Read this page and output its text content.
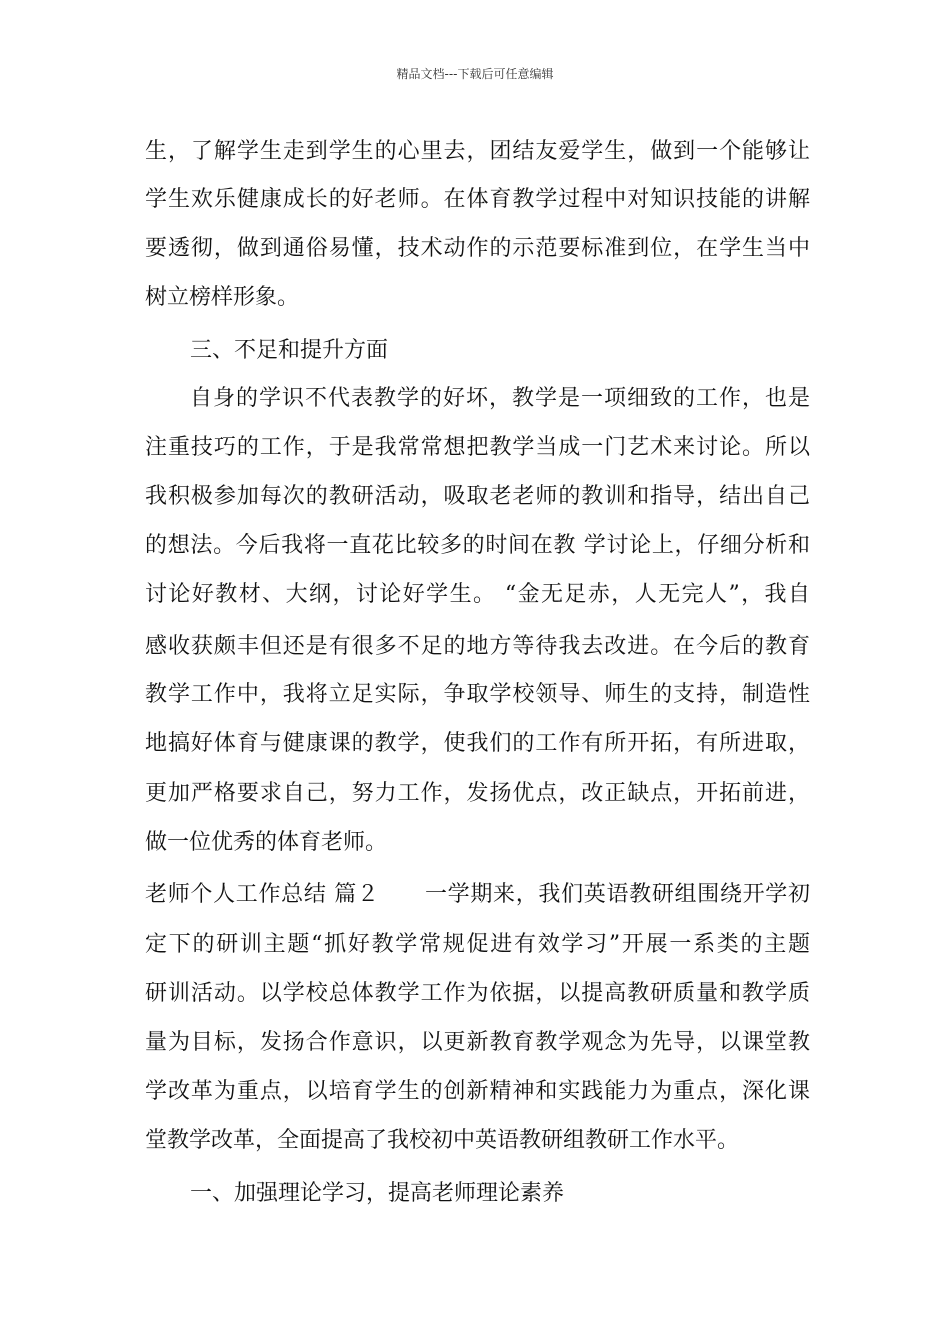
精品文档---下载后可任意编辑
生，了解学生走到学生的心里去，团结友爱学生，做到一个能够让
学生欢乐健康成长的好老师。在体育教学过程中对知识技能的讲解
要透彻，做到通俗易懂，技术动作的示范要标准到位，在学生当中
树立榜样形象。
三、不足和提升方面
自身的学识不代表教学的好坏，教学是一项细致的工作，也是
注重技巧的工作，于是我常常想把教学当成一门艺术来讨论。所以
我积极参加每次的教研活动，吸取老老师的教训和指导，结出自己
的想法。今后我将一直花比较多的时间在教 学讨论上，仔细分析和
讨论好教材、大纲，讨论好学生。 “金无足赤，人无完人”，我自
感收获颇丰但还是有很多不足的地方等待我去改进。在今后的教育
教学工作中，我将立足实际，争取学校领导、师生的支持，制造性
地搞好体育与健康课的教学，使我们的工作有所开拓，有所进取，
更加严格要求自己，努力工作，发扬优点，改正缺点，开拓前进，
做一位优秀的体育老师。
老师个人工作总结 篇２　　一学期来，我们英语教研组围绕开学初
定下的研训主题“抓好教学常规促进有效学习”开展一系类的主题
研训活动。以学校总体教学工作为依据，以提高教研质量和教学质
量为目标，发扬合作意识，以更新教育教学观念为先导，以课堂教
学改革为重点，以培育学生的创新精神和实践能力为重点，深化课
堂教学改革，全面提高了我校初中英语教研组教研工作水平。
一、加强理论学习，提高老师理论素养
